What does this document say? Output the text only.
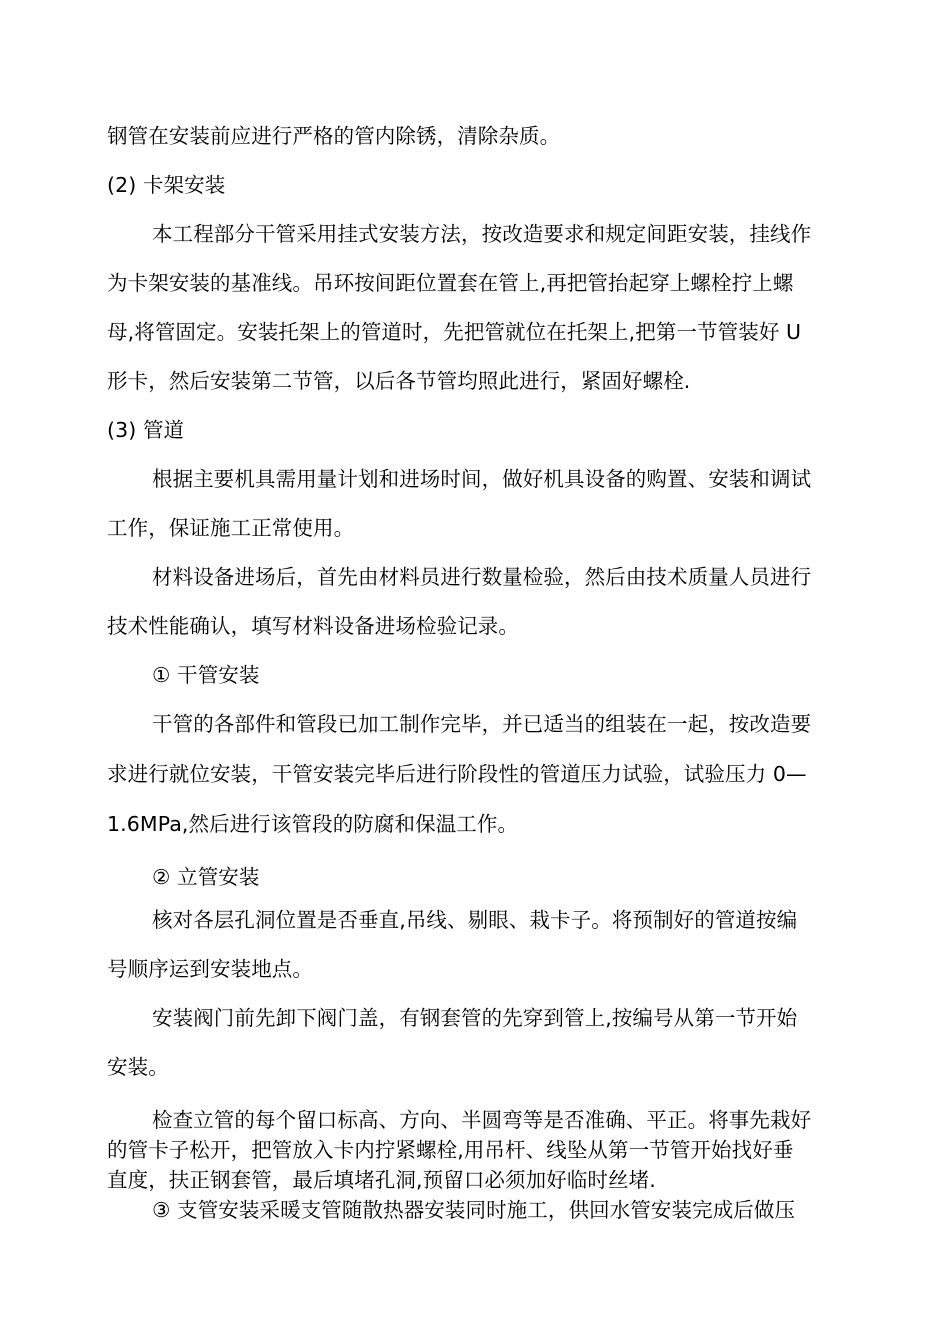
钢管在安装前应进行严格的管内除锈，清除杂质。
(2) 卡架安装
本工程部分干管采用挂式安装方法，按改造要求和规定间距安装，挂线作
为卡架安装的基准线。吊环按间距位置套在管上,再把管抬起穿上螺栓拧上螺
母,将管固定。安装托架上的管道时，先把管就位在托架上,把第一节管装好 U
形卡，然后安装第二节管，以后各节管均照此进行，紧固好螺栓.
(3) 管道
根据主要机具需用量计划和进场时间，做好机具设备的购置、安装和调试
工作，保证施工正常使用。
材料设备进场后，首先由材料员进行数量检验，然后由技术质量人员进行
技术性能确认，填写材料设备进场检验记录。
① 干管安装
干管的各部件和管段已加工制作完毕，并已适当的组装在一起，按改造要
求进行就位安装，干管安装完毕后进行阶段性的管道压力试验，试验压力 0—
1.6MPa,然后进行该管段的防腐和保温工作。
② 立管安装
核对各层孔洞位置是否垂直,吊线、剔眼、栽卡子。将预制好的管道按编
号顺序运到安装地点。
安装阀门前先卸下阀门盖，有钢套管的先穿到管上,按编号从第一节开始
安装。
检查立管的每个留口标高、方向、半圆弯等是否准确、平正。将事先栽好
的管卡子松开，把管放入卡内拧紧螺栓,用吊杆、线坠从第一节管开始找好垂
直度，扶正钢套管，最后填堵孔洞,预留口必须加好临时丝堵.
③ 支管安装采暖支管随散热器安装同时施工，供回水管安装完成后做压
